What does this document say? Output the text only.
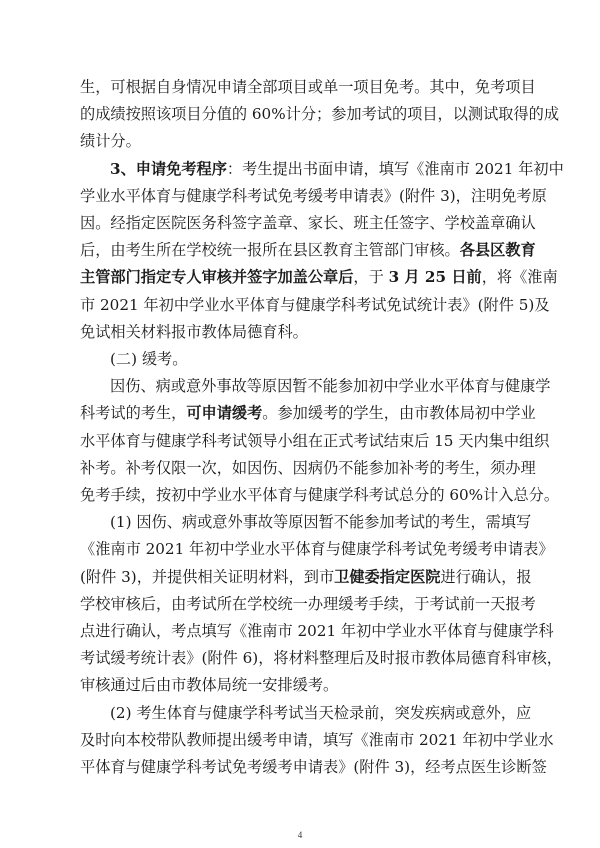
生，可根据自身情况申请全部项目或单一项目免考。其中，免考项目
的成绩按照该项目分值的 60%计分；参加考试的项目，以测试取得的成
绩计分。
3、申请免考程序：考生提出书面申请，填写《淮南市 2021 年初中
学业水平体育与健康学科考试免考缓考申请表》(附件 3)，注明免考原
因。经指定医院医务科签字盖章、家长、班主任签字、学校盖章确认
后，由考生所在学校统一报所在县区教育主管部门审核。各县区教育
主管部门指定专人审核并签字加盖公章后，于 3 月 25 日前，将《淮南
市 2021 年初中学业水平体育与健康学科考试免试统计表》(附件 5)及
免试相关材料报市教体局德育科。
(二) 缓考。
因伤、病或意外事故等原因暂不能参加初中学业水平体育与健康学
科考试的考生，可申请缓考。参加缓考的学生，由市教体局初中学业
水平体育与健康学科考试领导小组在正式考试结束后 15 天内集中组织
补考。补考仅限一次，如因伤、因病仍不能参加补考的考生，须办理
免考手续，按初中学业水平体育与健康学科考试总分的 60%计入总分。
(1) 因伤、病或意外事故等原因暂不能参加考试的考生，需填写
《淮南市 2021 年初中学业水平体育与健康学科考试免考缓考申请表》
(附件 3)，并提供相关证明材料，到市卫健委指定医院进行确认，报
学校审核后，由考试所在学校统一办理缓考手续，于考试前一天报考
点进行确认，考点填写《淮南市 2021 年初中学业水平体育与健康学科
考试缓考统计表》(附件 6)，将材料整理后及时报市教体局德育科审核，
审核通过后由市教体局统一安排缓考。
(2) 考生体育与健康学科考试当天检录前，突发疾病或意外，应
及时向本校带队教师提出缓考申请，填写《淮南市 2021 年初中学业水
平体育与健康学科考试免考缓考申请表》(附件 3)，经考点医生诊断签
4
